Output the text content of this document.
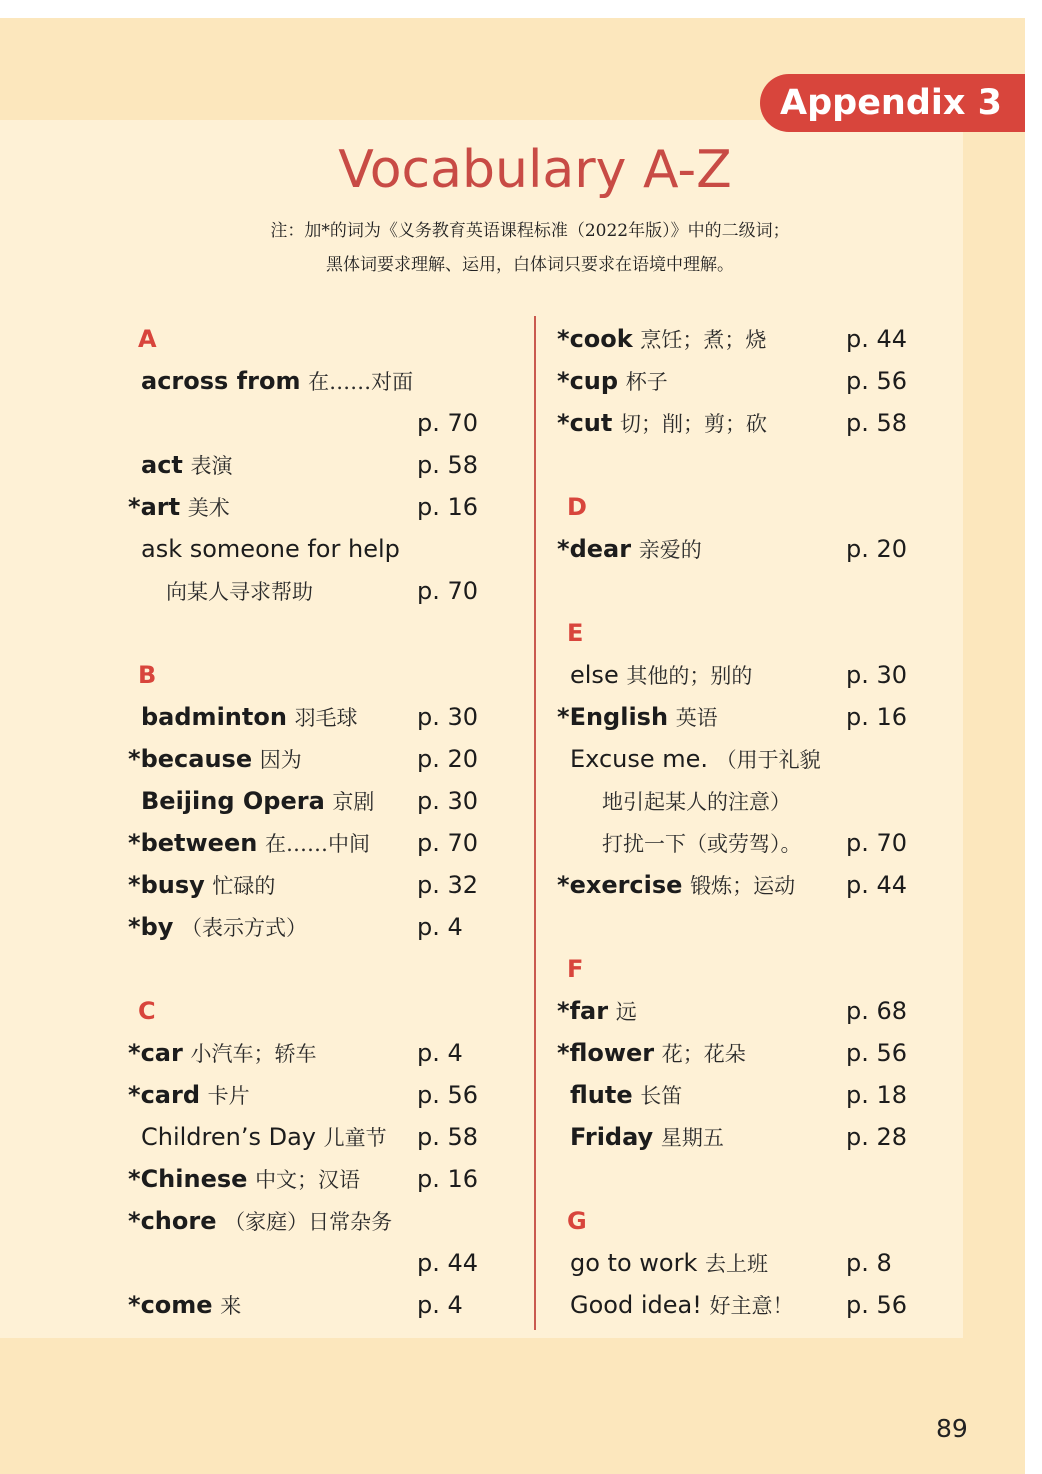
Appendix 3
Vocabulary A-Z
注：加*的词为《义务教育英语课程标准（2022年版）》中的二级词；
黑体词要求理解、运用，白体词只要求在语境中理解。
A
across from 在……对面
p. 70
act 表演	p. 58
*art 美术	p. 16
ask someone for help
向某人寻求帮助	p. 70
B
badminton 羽毛球 p. 30
*because 因为	p. 20
Beijing Opera 京剧 p. 30
*between 在……中间 p. 70
*busy 忙碌的	p. 32
*by （表示方式）	p. 4
C
*car 小汽车；轿车	p. 4
*card 卡片	p. 56
Children’s Day 儿童节 p. 58
*Chinese 中文；汉语 p. 16
*chore （家庭）日常杂务
p. 44
*come 来	p. 4
*cook 烹饪；煮；烧	p. 44
*cup 杯子	p. 56
*cut 切；削；剪；砍	p. 58
D
*dear 亲爱的	p. 20
E
else 其他的；别的	p. 30
*English 英语	p. 16
Excuse me. （用于礼貌
地引起某人的注意）
打扰一下（或劳驾）。 p. 70
*exercise 锻炼；运动 p. 44
F
*far 远	p. 68
*flower 花；花朵	p. 56
flute 长笛	p. 18
Friday 星期五	p. 28
G
go to work 去上班	p. 8
Good idea! 好主意！ p. 56
89
